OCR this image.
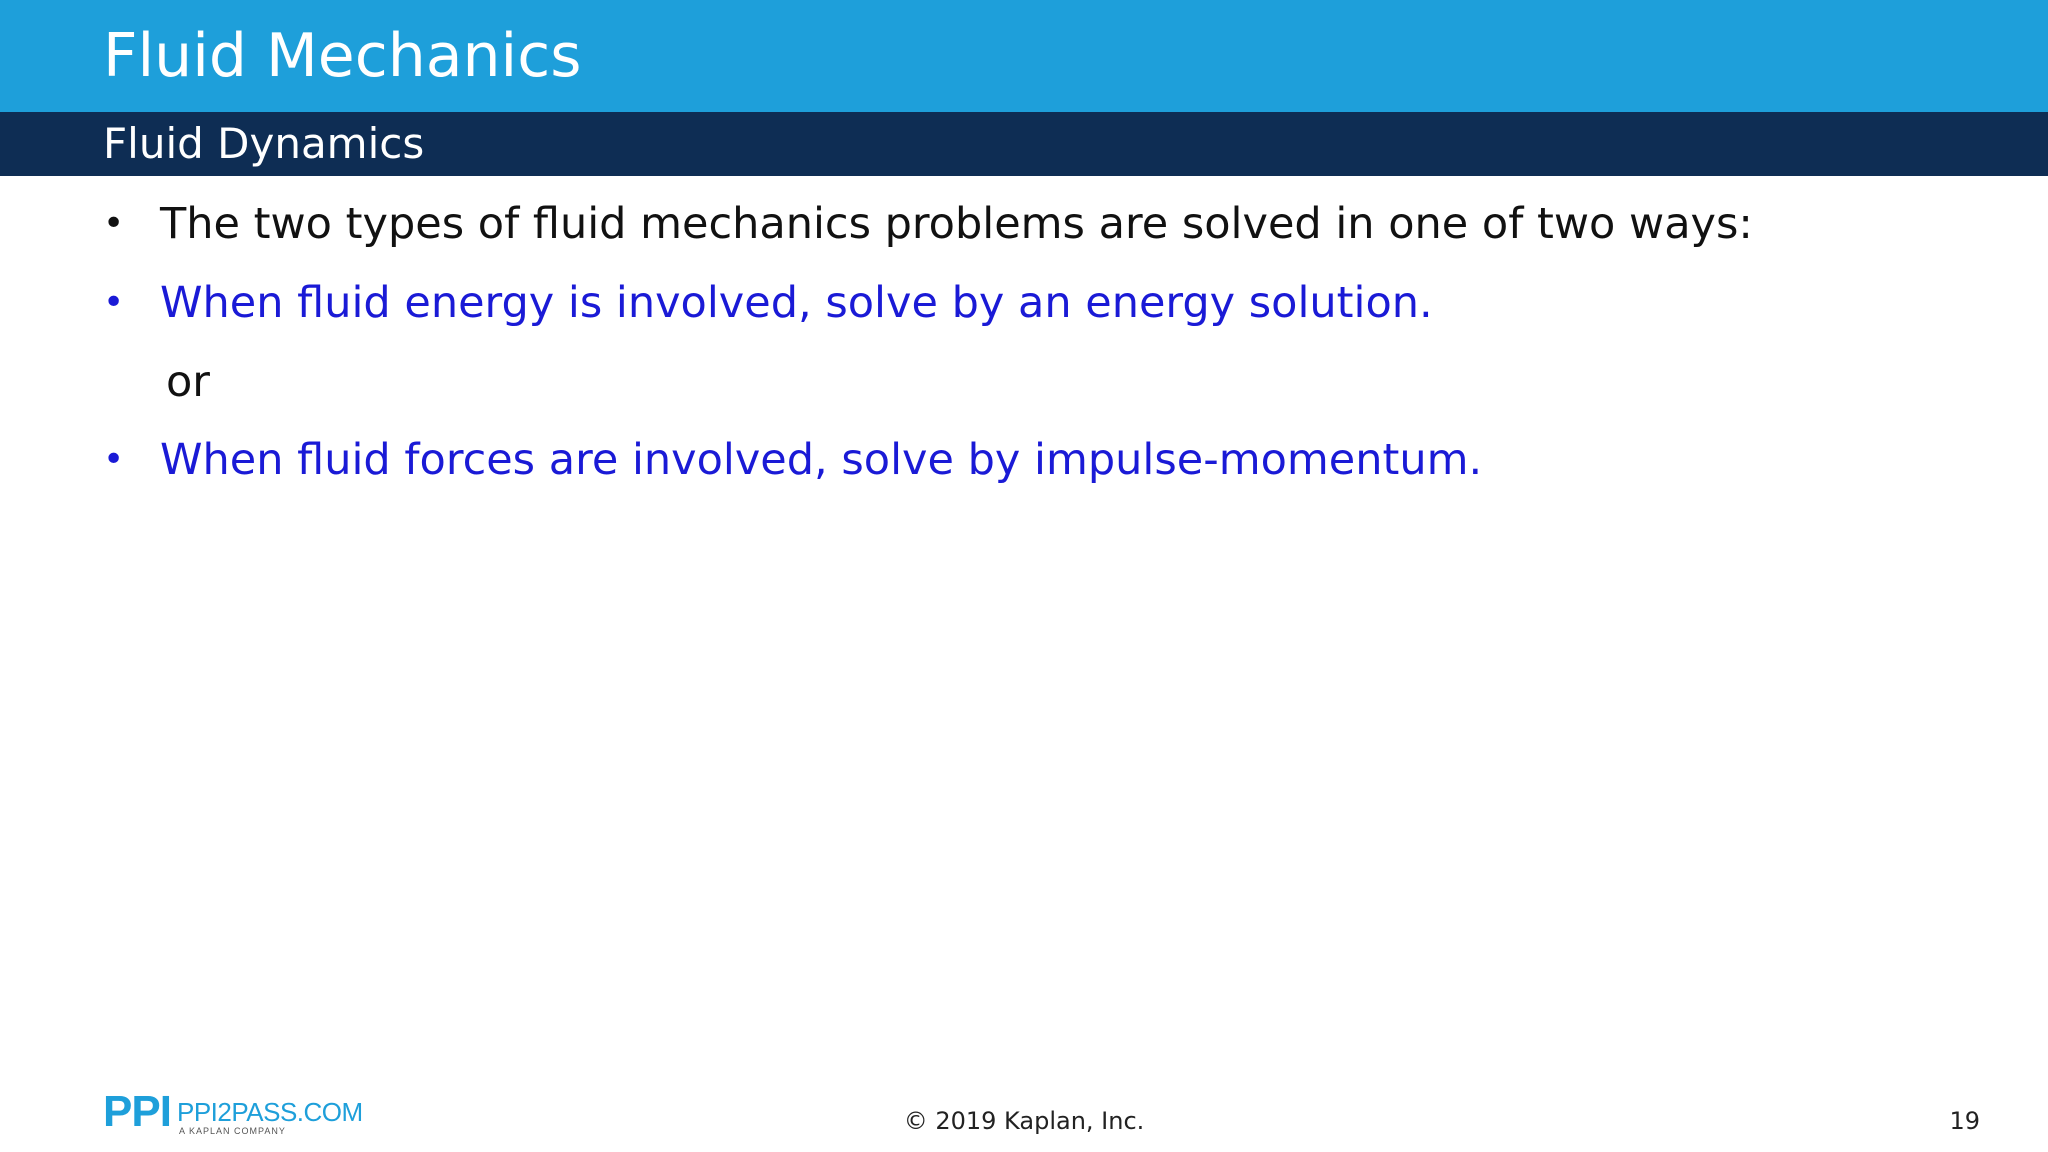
Fluid Mechanics
Fluid Dynamics
• The two types of fluid mechanics problems are solved in one of two ways:
• When fluid energy is involved, solve by an energy solution.
or
• When fluid forces are involved, solve by impulse-momentum.
PPI PPI2PASS.COM
A KAPLAN COMPANY	© 2019 Kaplan, Inc.	19
